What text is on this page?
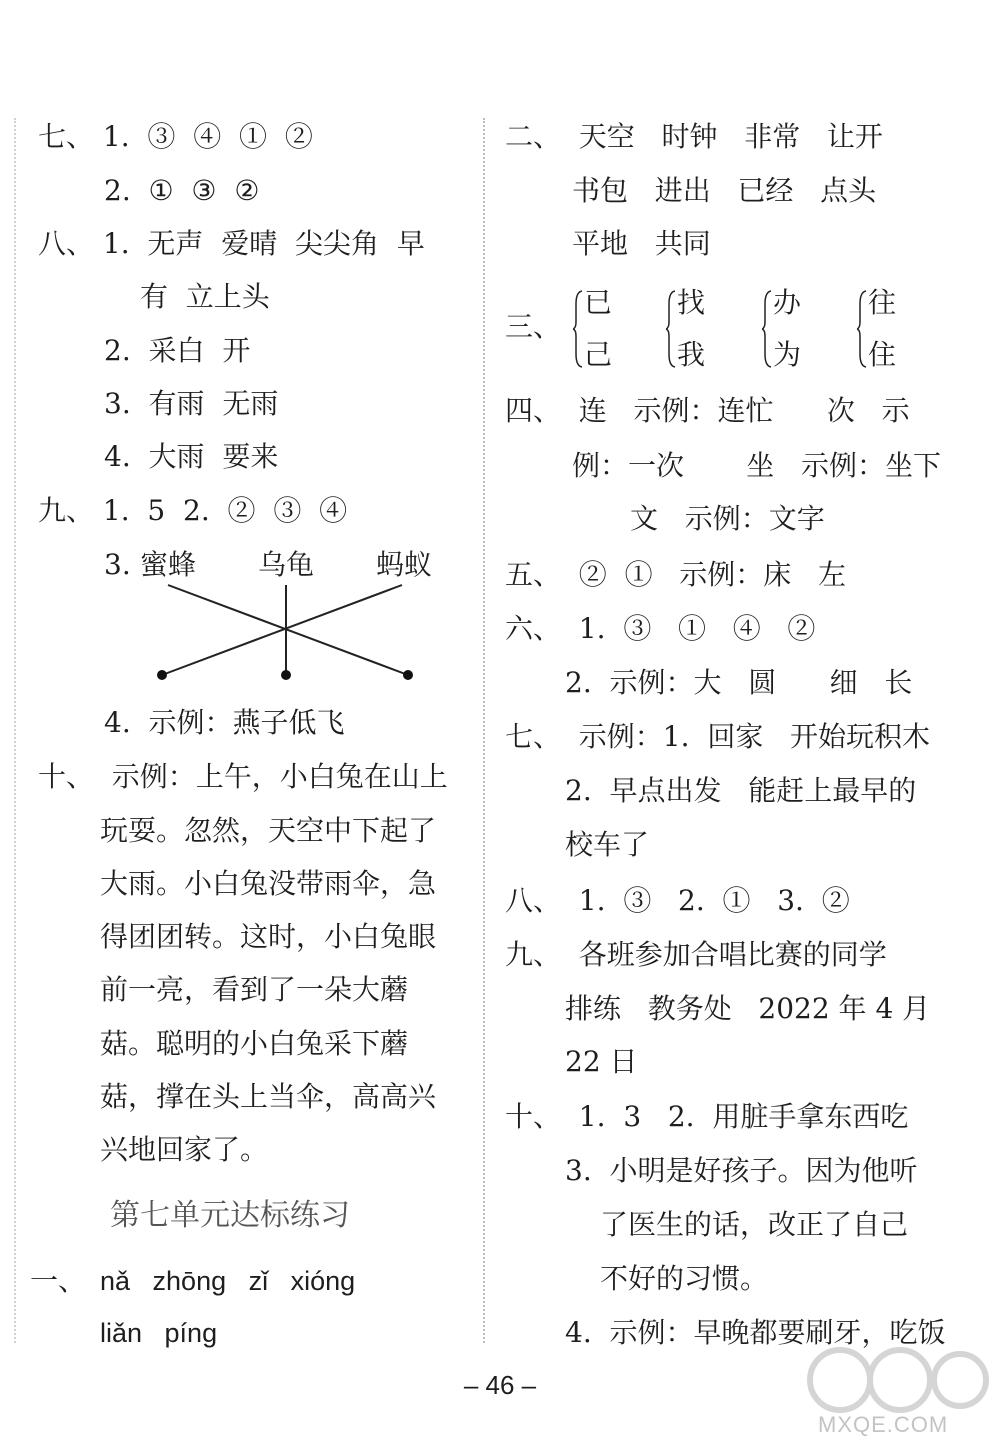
七、 1.  ③  ④  ①  ②
2.  ①  ③  ②
八、 1.  无声  爱晴  尖尖角  早
有  立上头
2.  采白  开
3.  有雨  无雨
4.  大雨  要来
九、 1.  5  2.  ②  ③  ④
3. 蜜蜂 乌龟 蚂蚁
4.  示例：燕子低飞
十、  示例：上午，小白兔在山上
玩耍。忽然，天空中下起了
大雨。小白兔没带雨伞，急
得团团转。这时，小白兔眼
前一亮，看到了一朵大蘑
菇。聪明的小白兔采下蘑
菇，撑在头上当伞，高高兴
兴地回家了。
第七单元达标练习
一、 nǎ   zhōng   zǐ   xióng
liǎn   píng
二、  天空   时钟   非常   让开
书包   进出   已经   点头
平地   共同
三、
已
己
找
我
办
为
往
住
四、  连   示例：连忙      次   示
例：一次       坐   示例：坐下
文   示例：文字
五、  ②  ①   示例：床   左
六、  1.  ③   ①   ④   ②
2.  示例：大   圆      细   长
七、  示例：1.  回家   开始玩积木
2.  早点出发   能赶上最早的
校车了
八、  1.  ③   2.  ①   3.  ②
九、  各班参加合唱比赛的同学
排练   教务处   2022 年 4 月
22 日
十、  1.  3   2.  用脏手拿东西吃
3.  小明是好孩子。因为他听
了医生的话，改正了自己
不好的习惯。
4.  示例：早晚都要刷牙，吃饭
– 46 –
MXQE.COM
